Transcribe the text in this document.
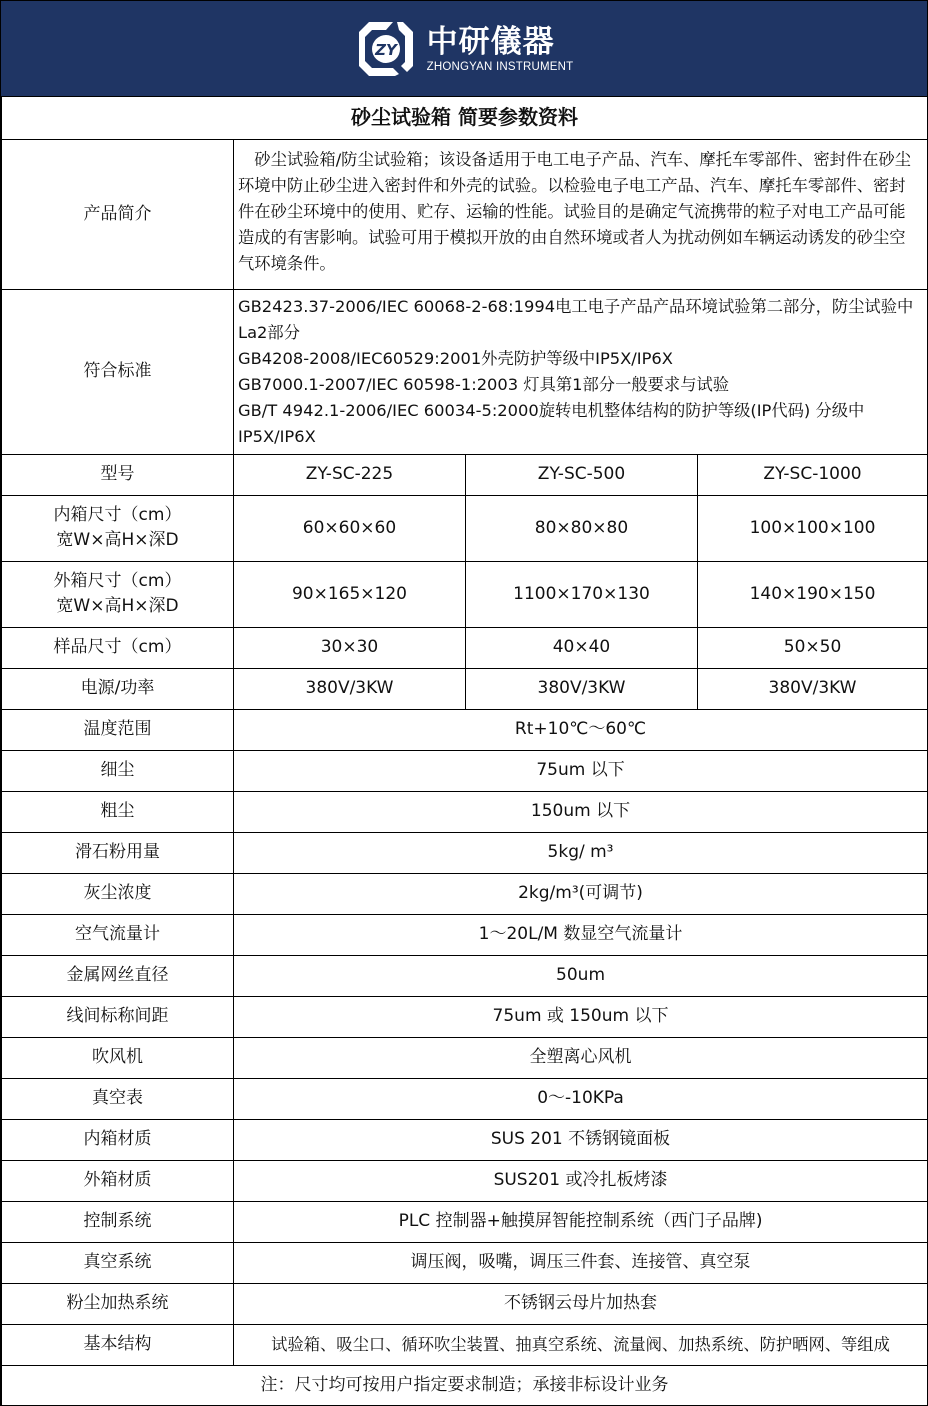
ZY 中研儀器
ZHONGYAN INSTRUMENT
砂尘试验箱 简要参数资料			
产品简介	　砂尘试验箱/防尘试验箱；该设备适用于电工电子产品、汽车、摩托车零部件、密封件在砂尘环境中防止砂尘进入密封件和外壳的试验。以检验电子电工产品、汽车、摩托车零部件、密封件在砂尘环境中的使用、贮存、运输的性能。试验目的是确定气流携带的粒子对电工产品可能造成的有害影响。试验可用于模拟开放的由自然环境或者人为扰动例如车辆运动诱发的砂尘空气环境条件。		
符合标准	GB2423.37-2006/IEC 60068-2-68:1994电工电子产品产品环境试验第二部分，防尘试验中La2部分
GB4208-2008/IEC60529:2001外壳防护等级中IP5X/IP6X
GB7000.1-2007/IEC 60598-1:2003 灯具第1部分一般要求与试验
GB/T 4942.1-2006/IEC 60034-5:2000旋转电机整体结构的防护等级(IP代码) 分级中IP5X/IP6X		

型号	ZY-SC-225	ZY-SC-500	ZY-SC-1000

内箱尺寸（cm）
宽W×高H×深D	60×60×60	80×80×80	100×100×100

外箱尺寸（cm）
宽W×高H×深D	90×165×120	1100×170×130	140×190×150
样品尺寸（cm）	30×30	40×40	50×50
电源/功率	380V/3KW	380V/3KW	380V/3KW
温度范围	Rt+10℃～60℃		
细尘	75um 以下		
粗尘	150um 以下		
滑石粉用量	5kg/ m³		
灰尘浓度	2kg/m³(可调节)		
空气流量计	1～20L/M 数显空气流量计		
金属网丝直径	50um		
线间标称间距	75um 或 150um 以下		
吹风机	全塑离心风机		
真空表	0～-10KPa		
内箱材质	SUS 201 不锈钢镜面板		
外箱材质	SUS201 或冷扎板烤漆		
控制系统	PLC 控制器+触摸屏智能控制系统（西门子品牌)		
真空系统	调压阀，吸嘴，调压三件套、连接管、真空泵		
粉尘加热系统	不锈钢云母片加热套		
基本结构	试验箱、吸尘口、循环吹尘装置、抽真空系统、流量阀、加热系统、防护晒网、等组成		
注：尺寸均可按用户指定要求制造；承接非标设计业务			
